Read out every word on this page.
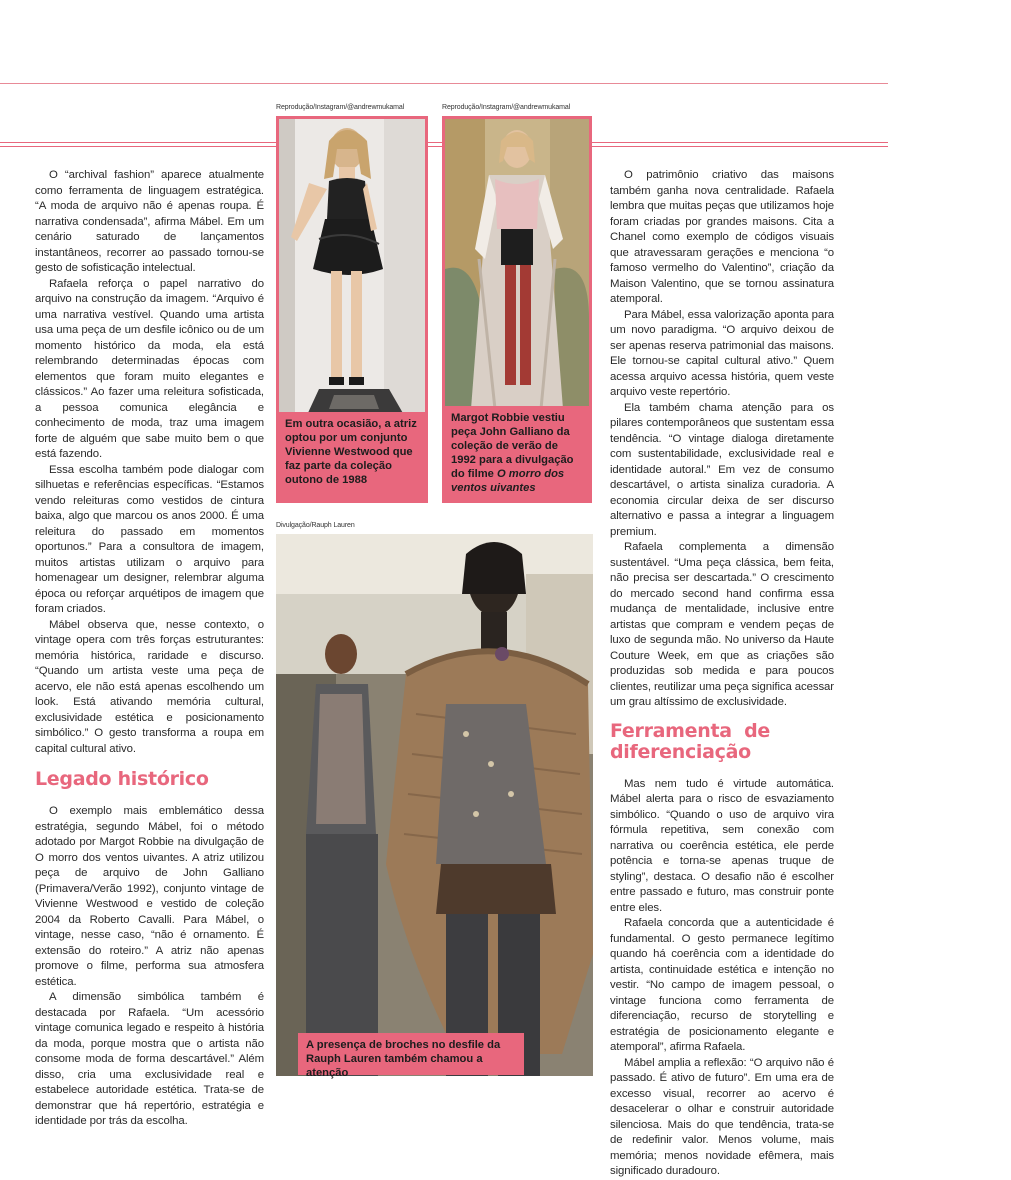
O “archival fashion” aparece atualmente como ferramenta de linguagem estratégica. “A moda de arquivo não é apenas roupa. É narrativa condensada”, afirma Mábel. Em um cenário saturado de lançamentos instantâneos, recorrer ao passado tornou-se gesto de sofisticação intelectual.

Rafaela reforça o papel narrativo do arquivo na construção da imagem. “Arquivo é uma narrativa vestível. Quando uma artista usa uma peça de um desfile icônico ou de um momento histórico da moda, ela está relembrando determinadas épocas com elementos que foram muito elegantes e clássicos.” Ao fazer uma releitura sofisticada, a pessoa comunica elegância e conhecimento de moda, traz uma imagem forte de alguém que sabe muito bem o que está fazendo.

Essa escolha também pode dialogar com silhuetas e referências específicas. “Estamos vendo releituras como vestidos de cintura baixa, algo que marcou os anos 2000. É uma releitura do passado em momentos oportunos.” Para a consultora de imagem, muitos artistas utilizam o arquivo para homenagear um designer, relembrar alguma época ou reforçar arquétipos de imagem que foram criados.

Mábel observa que, nesse contexto, o vintage opera com três forças estruturantes: memória histórica, raridade e discurso. “Quando um artista veste uma peça de acervo, ele não está apenas escolhendo um look. Está ativando memória cultural, exclusividade estética e posicionamento simbólico.” O gesto transforma a roupa em capital cultural ativo.

Legado histórico

O exemplo mais emblemático dessa estratégia, segundo Mábel, foi o método adotado por Margot Robbie na divulgação de O morro dos ventos uivantes. A atriz utilizou peça de arquivo de John Galliano (Primavera/Verão 1992), conjunto vintage de Vivienne Westwood e vestido de coleção 2004 da Roberto Cavalli. Para Mábel, o vintage, nesse caso, “não é ornamento. É extensão do roteiro.” A atriz não apenas promove o filme, performa sua atmosfera estética.

A dimensão simbólica também é destacada por Rafaela. “Um acessório vintage comunica legado e respeito à história da moda, porque mostra que o artista não consome moda de forma descartável.” Além disso, cria uma exclusividade real e estabelece autoridade estética. Trata-se de demonstrar que há repertório, estratégia e identidade por trás da escolha.

Reprodução/Instagram/@andrewmukamal
Em outra ocasião, a atriz optou por um conjunto Vivienne Westwood que faz parte da coleção outono de 1988
Reprodução/Instagram/@andrewmukamal
Margot Robbie vestiu peça John Galliano da coleção de verão de 1992 para a divulgação do filme O morro dos ventos uivantes
Divulgação/Rauph Lauren
A presença de broches no desfile da Rauph Lauren também chamou a atenção

O patrimônio criativo das maisons também ganha nova centralidade. Rafaela lembra que muitas peças que utilizamos hoje foram criadas por grandes maisons. Cita a Chanel como exemplo de códigos visuais que atravessaram gerações e menciona “o famoso vermelho do Valentino”, criação da Maison Valentino, que se tornou assinatura atemporal.

Para Mábel, essa valorização aponta para um novo paradigma. “O arquivo deixou de ser apenas reserva patrimonial das maisons. Ele tornou-se capital cultural ativo.” Quem acessa arquivo acessa história, quem veste arquivo veste repertório.

Ela também chama atenção para os pilares contemporâneos que sustentam essa tendência. “O vintage dialoga diretamente com sustentabilidade, exclusividade real e identidade autoral.” Em vez de consumo descartável, o artista sinaliza curadoria. A economia circular deixa de ser discurso alternativo e passa a integrar a linguagem premium.

Rafaela complementa a dimensão sustentável. “Uma peça clássica, bem feita, não precisa ser descartada.” O crescimento do mercado second hand confirma essa mudança de mentalidade, inclusive entre artistas que compram e vendem peças de luxo de segunda mão. No universo da Haute Couture Week, em que as criações são produzidas sob medida e para poucos clientes, reutilizar uma peça significa acessar um grau altíssimo de exclusividade.

Ferramenta de diferenciação

Mas nem tudo é virtude automática. Mábel alerta para o risco de esvaziamento simbólico. “Quando o uso de arquivo vira fórmula repetitiva, sem conexão com narrativa ou coerência estética, ele perde potência e torna-se apenas truque de styling”, destaca. O desafio não é escolher entre passado e futuro, mas construir ponte entre eles.

Rafaela concorda que a autenticidade é fundamental. O gesto permanece legítimo quando há coerência com a identidade do artista, continuidade estética e intenção no vestir. “No campo de imagem pessoal, o vintage funciona como ferramenta de diferenciação, recurso de storytelling e estratégia de posicionamento elegante e atemporal”, afirma Rafaela.

Mábel amplia a reflexão: “O arquivo não é passado. É ativo de futuro”. Em uma era de excesso visual, recorrer ao acervo é desacelerar o olhar e construir autoridade silenciosa. Mais do que tendência, trata-se de redefinir valor. Menos volume, mais memória; menos novidade efêmera, mais significado duradouro.
